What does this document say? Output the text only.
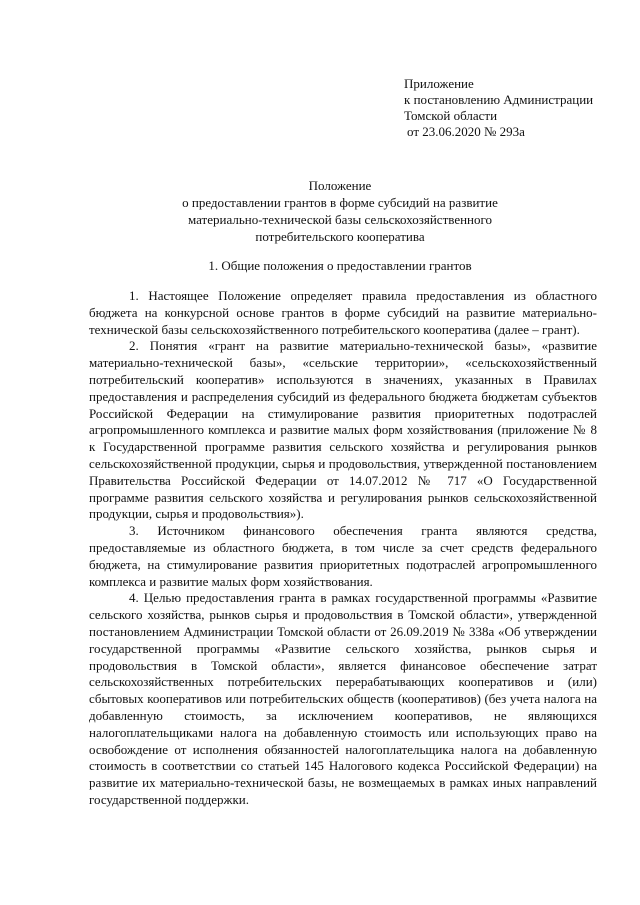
Приложение
к постановлению Администрации
Томской области
от 23.06.2020 № 293а
Положение
о предоставлении грантов в форме субсидий на развитие
материально-технической базы сельскохозяйственного
потребительского кооператива
1. Общие положения о предоставлении грантов

1. Настоящее Положение определяет правила предоставления из областного бюджета на конкурсной основе грантов в форме субсидий на развитие материально-технической базы сельскохозяйственного потребительского кооператива (далее – грант).

2. Понятия «грант на развитие материально-технической базы», «развитие материально-технической базы», «сельские территории», «сельскохозяйственный потребительский кооператив» используются в значениях, указанных в Правилах предоставления и распределения субсидий из федерального бюджета бюджетам субъектов Российской Федерации на стимулирование развития приоритетных подотраслей агропромышленного комплекса и развитие малых форм хозяйствования (приложение № 8 к Государственной программе развития сельского хозяйства и регулирования рынков сельскохозяйственной продукции, сырья и продовольствия, утвержденной постановлением Правительства Российской Федерации от 14.07.2012 № 717 «О Государственной программе развития сельского хозяйства и регулирования рынков сельскохозяйственной продукции, сырья и продовольствия»).

3. Источником финансового обеспечения гранта являются средства, предоставляемые из областного бюджета, в том числе за счет средств федерального бюджета, на стимулирование развития приоритетных подотраслей агропромышленного комплекса и развитие малых форм хозяйствования.

4. Целью предоставления гранта в рамках государственной программы «Развитие сельского хозяйства, рынков сырья и продовольствия в Томской области», утвержденной постановлением Администрации Томской области от 26.09.2019 № 338а «Об утверждении государственной программы «Развитие сельского хозяйства, рынков сырья и продовольствия в Томской области», является финансовое обеспечение затрат сельскохозяйственных потребительских перерабатывающих кооперативов и (или) сбытовых кооперативов или потребительских обществ (кооперативов) (без учета налога на добавленную стоимость, за исключением кооперативов, не являющихся налогоплательщиками налога на добавленную стоимость или использующих право на освобождение от исполнения обязанностей налогоплательщика налога на добавленную стоимость в соответствии со статьей 145 Налогового кодекса Российской Федерации) на развитие их материально-технической базы, не возмещаемых в рамках иных направлений государственной поддержки.
